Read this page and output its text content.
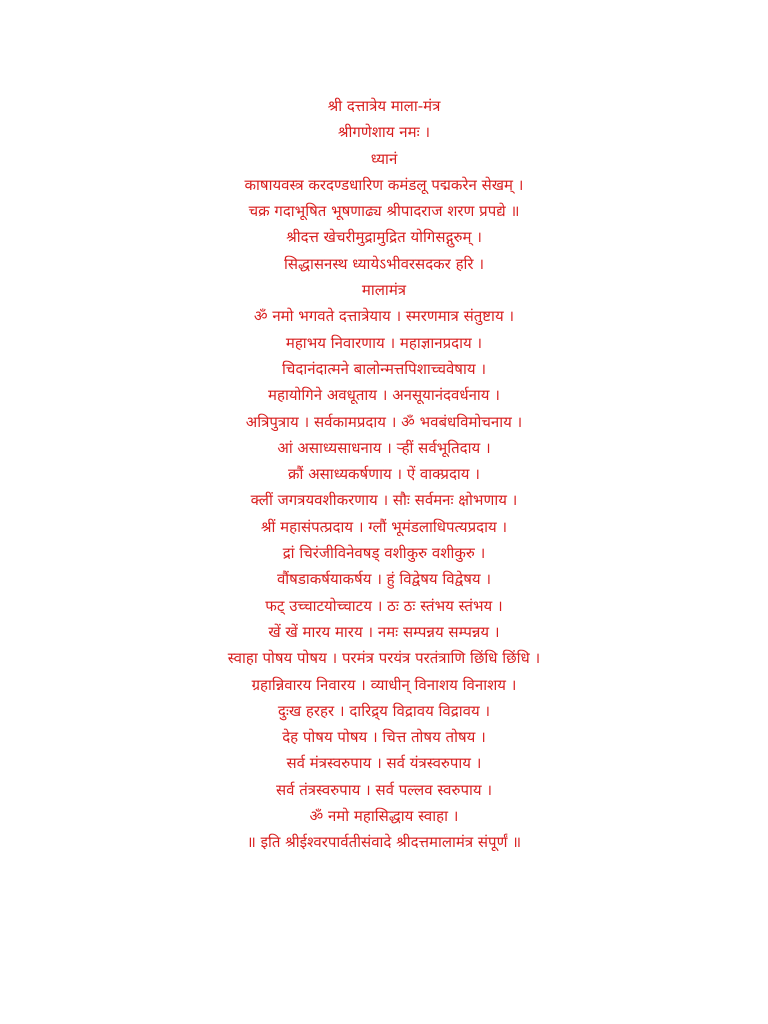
श्री दत्तात्रेय माला-मंत्र
श्रीगणेशाय नमः ।
ध्यानं
काषायवस्त्र करदण्डधारिण कमंडलू पद्मकरेन सेखम् ।
चक्र गदाभूषित भूषणाढ्य श्रीपादराज शरण प्रपद्ये ॥
श्रीदत्त खेचरीमुद्रामुद्रित योगिसद्गुरुम् ।
सिद्धासनस्थ ध्यायेऽभीवरसदकर हरि ।
मालामंत्र
ॐ नमो भगवते दत्तात्रेयाय । स्मरणमात्र संतुष्टाय ।
महाभय निवारणाय । महाज्ञानप्रदाय ।
चिदानंदात्मने बालोन्मत्तपिशाच्चवेषाय ।
महायोगिने अवधूताय । अनसूयानंदवर्धनाय ।
अत्रिपुत्राय । सर्वकामप्रदाय । ॐ भवबंधविमोचनाय ।
आं असाध्यसाधनाय । ऱ्हीं सर्वभूतिदाय ।
क्रौं असाध्यकर्षणाय । ऐं वाक्प्रदाय ।
क्लीं जगत्रयवशीकरणाय । सौः सर्वमनः क्षोभणाय ।
श्रीं महासंपत्प्रदाय । ग्लौं भूमंडलाधिपत्यप्रदाय ।
द्रां चिरंजीविनेवषड् वशीकुरु वशीकुरु ।
वौंषडाकर्षयाकर्षय । हुं विद्वेषय विद्वेषय ।
फट् उच्चाटयोच्चाटय । ठः ठः स्तंभय स्तंभय ।
खें खें मारय मारय । नमः सम्पन्नय सम्पन्नय ।
स्वाहा पोषय पोषय । परमंत्र परयंत्र परतंत्राणि छिंधि छिंधि ।
ग्रहान्निवारय निवारय । व्याधीन् विनाशय विनाशय ।
दुःख हरहर । दारिद्र्य विद्रावय विद्रावय ।
देह पोषय पोषय । चित्त तोषय तोषय ।
सर्व मंत्रस्वरुपाय । सर्व यंत्रस्वरुपाय ।
सर्व तंत्रस्वरुपाय । सर्व पल्लव स्वरुपाय ।
ॐ नमो महासिद्धाय स्वाहा ।
॥ इति श्रीईश्वरपार्वतीसंवादे श्रीदत्तमालामंत्र संपूर्णं ॥
